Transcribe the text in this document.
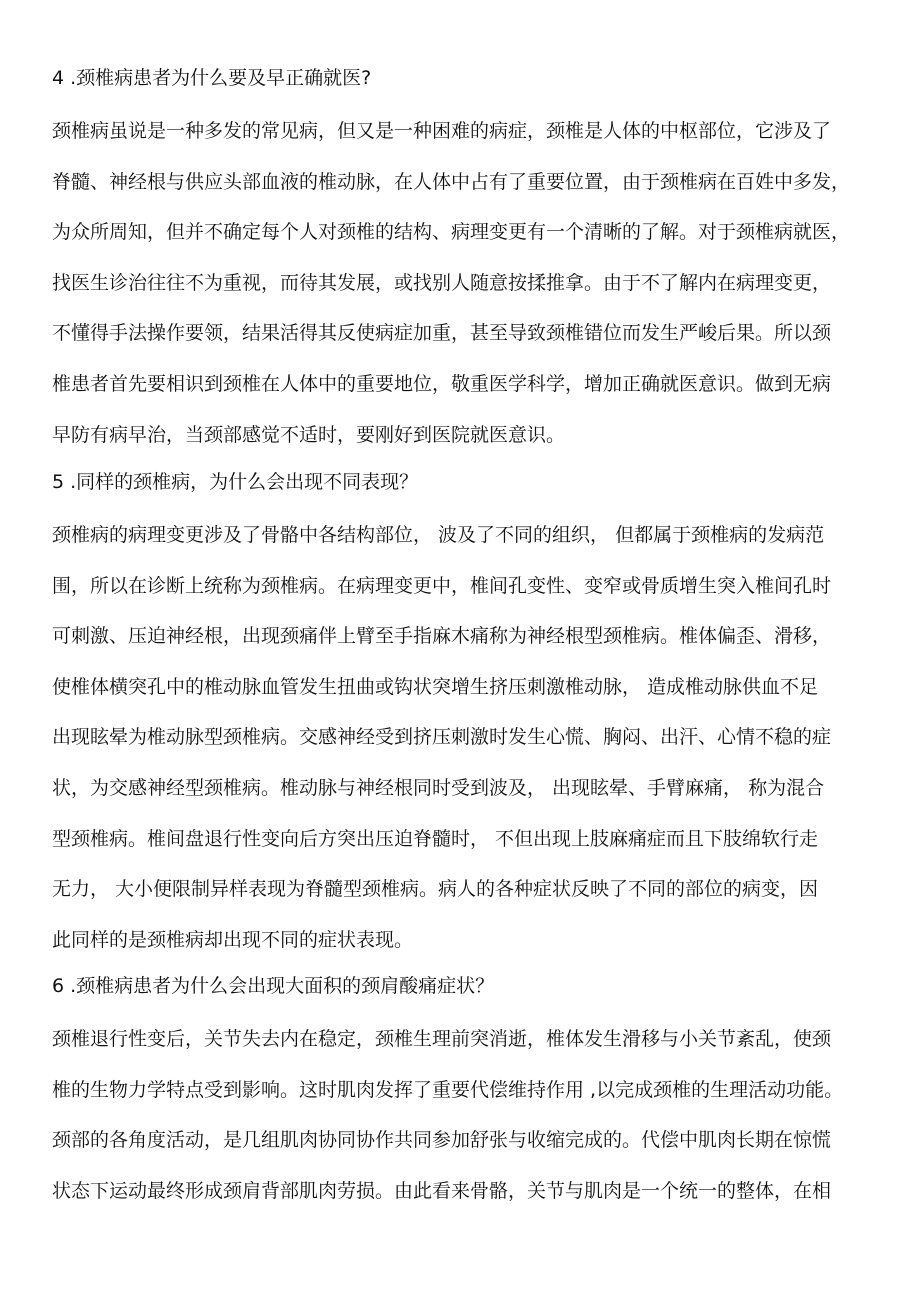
4 .颈椎病患者为什么要及早正确就医?
颈椎病虽说是一种多发的常见病，但又是一种困难的病症，颈椎是人体的中枢部位，它涉及了
脊髓、神经根与供应头部血液的椎动脉，在人体中占有了重要位置，由于颈椎病在百姓中多发，
为众所周知，但并不确定每个人对颈椎的结构、病理变更有一个清晰的了解。对于颈椎病就医，
找医生诊治往往不为重视，而待其发展，或找别人随意按揉推拿。由于不了解内在病理变更，
不懂得手法操作要领，结果活得其反使病症加重，甚至导致颈椎错位而发生严峻后果。所以颈
椎患者首先要相识到颈椎在人体中的重要地位，敬重医学科学，增加正确就医意识。做到无病
早防有病早治，当颈部感觉不适时，要刚好到医院就医意识。
5 .同样的颈椎病，为什么会出现不同表现？
颈椎病的病理变更涉及了骨骼中各结构部位， 波及了不同的组织， 但都属于颈椎病的发病范
围，所以在诊断上统称为颈椎病。在病理变更中，椎间孔变性、变窄或骨质增生突入椎间孔时
可刺激、压迫神经根，出现颈痛伴上臂至手指麻木痛称为神经根型颈椎病。椎体偏歪、滑移，
使椎体横突孔中的椎动脉血管发生扭曲或钩状突增生挤压刺激椎动脉， 造成椎动脉供血不足
出现眩晕为椎动脉型颈椎病。交感神经受到挤压刺激时发生心慌、胸闷、出汗、心情不稳的症
状，为交感神经型颈椎病。椎动脉与神经根同时受到波及， 出现眩晕、手臂麻痛， 称为混合
型颈椎病。椎间盘退行性变向后方突出压迫脊髓时， 不但出现上肢麻痛症而且下肢绵软行走
无力， 大小便限制异样表现为脊髓型颈椎病。病人的各种症状反映了不同的部位的病变，因
此同样的是颈椎病却出现不同的症状表现。
6 .颈椎病患者为什么会出现大面积的颈肩酸痛症状？
颈椎退行性变后，关节失去内在稳定，颈椎生理前突消逝，椎体发生滑移与小关节紊乱，使颈
椎的生物力学特点受到影响。这时肌肉发挥了重要代偿维持作用 ,以完成颈椎的生理活动功能。
颈部的各角度活动，是几组肌肉协同协作共同参加舒张与收缩完成的。代偿中肌肉长期在惊慌
状态下运动最终形成颈肩背部肌肉劳损。由此看来骨骼，关节与肌肉是一个统一的整体，在相
